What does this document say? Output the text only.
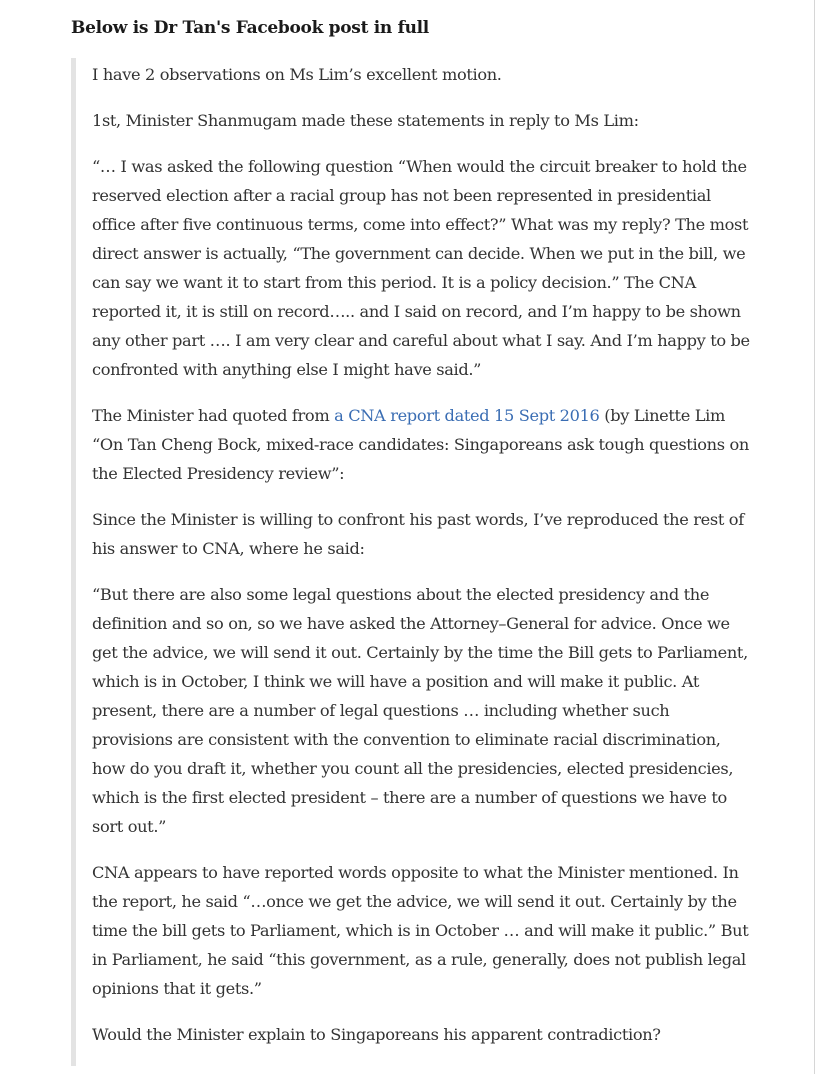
Below is Dr Tan's Facebook post in full

I have 2 observations on Ms Lim’s excellent motion.

1st, Minister Shanmugam made these statements in reply to Ms Lim:

“… I was asked the following question “When would the circuit breaker to hold the reserved election after a racial group has not been represented in presidential office after five continuous terms, come into effect?” What was my reply? The most direct answer is actually, “The government can decide. When we put in the bill, we can say we want it to start from this period. It is a policy decision.” The CNA reported it, it is still on record….. and I said on record, and I’m happy to be shown any other part …. I am very clear and careful about what I say. And I’m happy to be confronted with anything else I might have said.”

The Minister had quoted from a CNA report dated 15 Sept 2016 (by Linette Lim “On Tan Cheng Bock, mixed-race candidates: Singaporeans ask tough questions on the Elected Presidency review”:

Since the Minister is willing to confront his past words, I’ve reproduced the rest of his answer to CNA, where he said:

“But there are also some legal questions about the elected presidency and the definition and so on, so we have asked the Attorney–General for advice. Once we get the advice, we will send it out. Certainly by the time the Bill gets to Parliament, which is in October, I think we will have a position and will make it public. At present, there are a number of legal questions … including whether such provisions are consistent with the convention to eliminate racial discrimination, how do you draft it, whether you count all the presidencies, elected presidencies, which is the first elected president – there are a number of questions we have to sort out.”

CNA appears to have reported words opposite to what the Minister mentioned. In the report, he said “…once we get the advice, we will send it out. Certainly by the time the bill gets to Parliament, which is in October … and will make it public.” But in Parliament, he said “this government, as a rule, generally, does not publish legal opinions that it gets.”

Would the Minister explain to Singaporeans his apparent contradiction?
